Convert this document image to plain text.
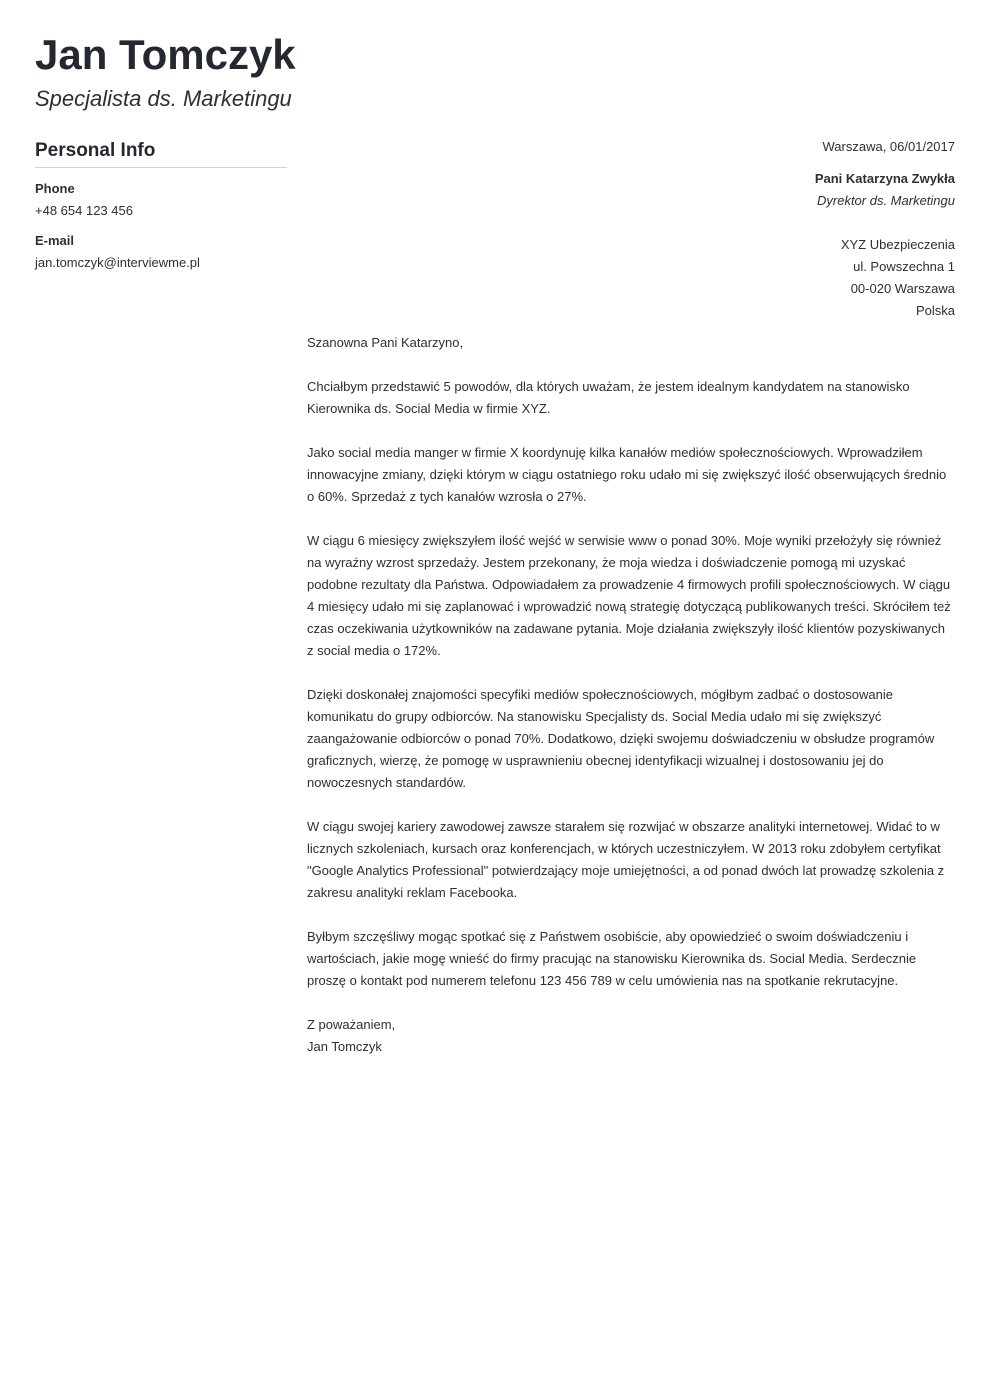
Jan Tomczyk
Specjalista ds. Marketingu
Personal Info
Phone
+48 654 123 456
E-mail
jan.tomczyk@interviewme.pl
Warszawa, 06/01/2017
Pani Katarzyna Zwykła
Dyrektor ds. Marketingu
XYZ Ubezpieczenia
ul. Powszechna 1
00-020 Warszawa
Polska
Szanowna Pani Katarzyno,
Chciałbym przedstawić 5 powodów, dla których uważam, że jestem idealnym kandydatem na stanowisko Kierownika ds. Social Media w firmie XYZ.
Jako social media manger w firmie X koordynuję kilka kanałów mediów społecznościowych. Wprowadziłem innowacyjne zmiany, dzięki którym w ciągu ostatniego roku udało mi się zwiększyć ilość obserwujących średnio o 60%. Sprzedaż z tych kanałów wzrosła o 27%.
W ciągu 6 miesięcy zwiększyłem ilość wejść w serwisie www o ponad 30%. Moje wyniki przełożyły się również na wyraźny wzrost sprzedaży. Jestem przekonany, że moja wiedza i doświadczenie pomogą mi uzyskać podobne rezultaty dla Państwa. Odpowiadałem za prowadzenie 4 firmowych profili społecznościowych. W ciągu 4 miesięcy udało mi się zaplanować i wprowadzić nową strategię dotyczącą publikowanych treści. Skróciłem też czas oczekiwania użytkowników na zadawane pytania. Moje działania zwiększyły ilość klientów pozyskiwanych z social media o 172%.
Dzięki doskonałej znajomości specyfiki mediów społecznościowych, mógłbym zadbać o dostosowanie komunikatu do grupy odbiorców. Na stanowisku Specjalisty ds. Social Media udało mi się zwiększyć zaangażowanie odbiorców o ponad 70%. Dodatkowo, dzięki swojemu doświadczeniu w obsłudze programów graficznych, wierzę, że pomogę w usprawnieniu obecnej identyfikacji wizualnej i dostosowaniu jej do nowoczesnych standardów.
W ciągu swojej kariery zawodowej zawsze starałem się rozwijać w obszarze analityki internetowej. Widać to w licznych szkoleniach, kursach oraz konferencjach, w których uczestniczyłem. W 2013 roku zdobyłem certyfikat "Google Analytics Professional" potwierdzający moje umiejętności, a od ponad dwóch lat prowadzę szkolenia z zakresu analityki reklam Facebooka.
Byłbym szczęśliwy mogąc spotkać się z Państwem osobiście, aby opowiedzieć o swoim doświadczeniu i wartościach, jakie mogę wnieść do firmy pracując na stanowisku Kierownika ds. Social Media. Serdecznie proszę o kontakt pod numerem telefonu 123 456 789 w celu umówienia nas na spotkanie rekrutacyjne.
Z poważaniem,
Jan Tomczyk
